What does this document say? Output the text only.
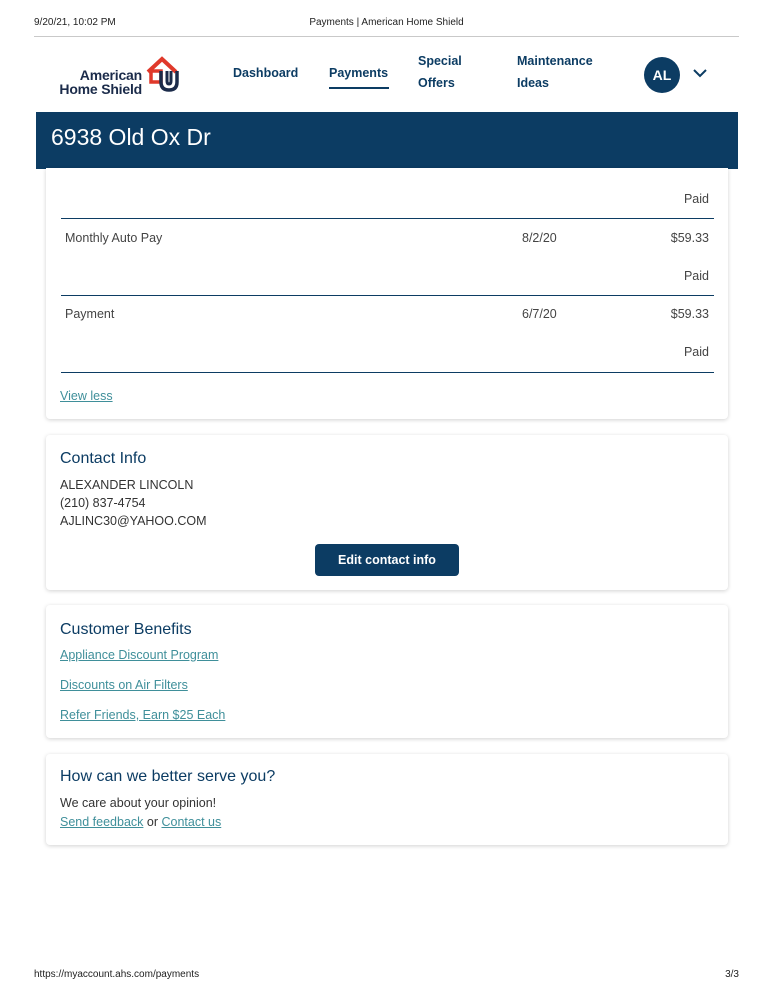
9/20/21, 10:02 PM	Payments | American Home Shield
American
Home Shield
Dashboard Payments
Special
Offers
Maintenance
Ideas	AL
6938 Old Ox Dr
Paid
Monthly Auto Pay	8/2/20	$59.33
Paid
Payment	6/7/20	$59.33
Paid
View less
Contact Info
ALEXANDER LINCOLN
(210) 837-4754
AJLINC30@YAHOO.COM
Edit contact info
Customer Benefits
Appliance Discount Program
Discounts on Air Filters
Refer Friends, Earn $25 Each
How can we better serve you?
We care about your opinion!
Send feedback or Contact us
https://myaccount.ahs.com/payments	3/3
